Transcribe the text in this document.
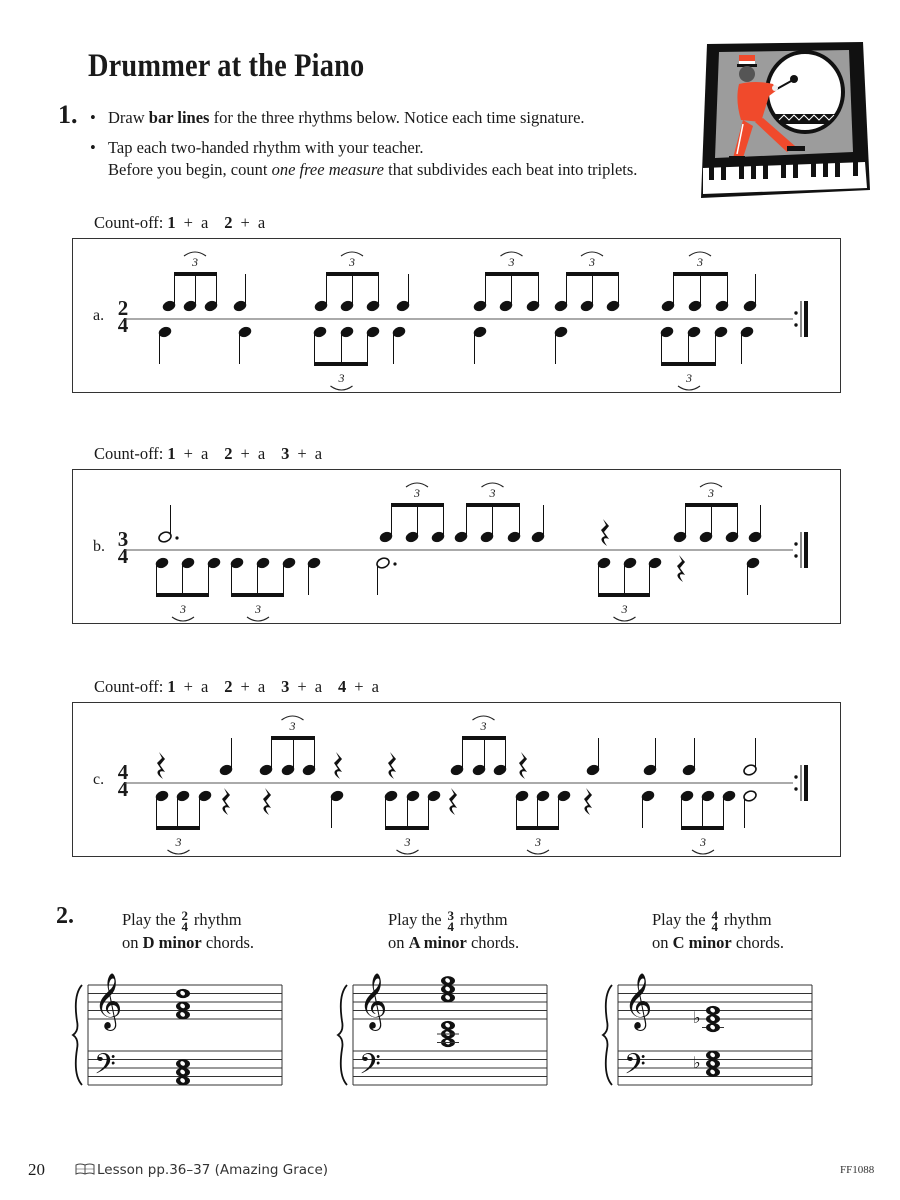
Drummer at the Piano
1. • Draw bar lines for the three rhythms below. Notice each time signature.
• Tap each two-handed rhythm with your teacher.
Before you begin, count one free measure that subdivides each beat into triplets.
Count-off: 1 + a 2 + a
a. 2
4
3	3	3	3	3
3	3
Count-off: 1 + a 2 + a 3 + a
b. 3
4
3	3	3
3	3	3
Count-off: 1 + a 2 + a 3 + a 4 + a
c. 4
4
3	3
3	3	3	3
2.	Play the 2
4 rhythm
on D minor chords.
𝄞
𝄢
Play the 3
4 rhythm
on A minor chords.
𝄞
𝄢
Play the 4
4 rhythm
on C minor chords.
𝄞
𝄢
♭
♭
20	Lesson pp.36–37 (Amazing Grace)	FF1088
